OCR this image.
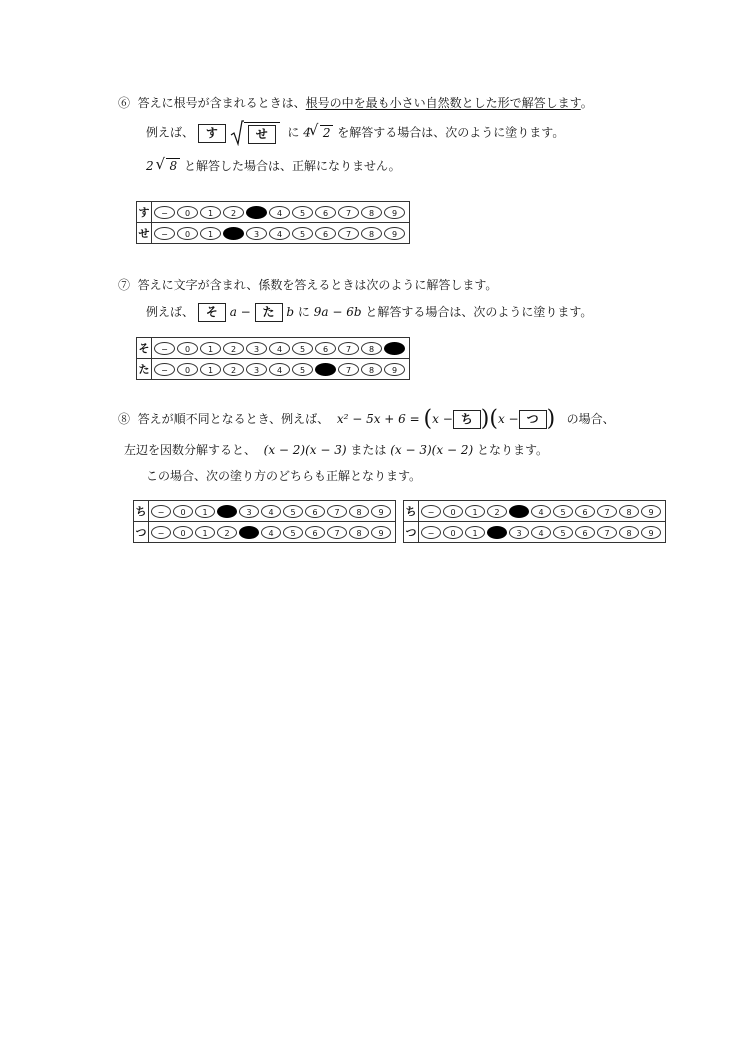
⑥ 答えに根号が含まれるときは、根号の中を最も小さい自然数とした形で解答します。
例えば、 す	せ に 4 √ 2 を解答する場合は、次のように塗ります。
2 √ 8 と解答した場合は、正解になりません。
す	− 0 1 2 3 4 5 6 7 8 9
せ	− 0 1 2 3 4 5 6 7 8 9
⑦ 答えに文字が含まれ、係数を答えるときは次のように解答します。
例えば、 そ a − た b に 9a − 6b と解答する場合は、次のように塗ります。
そ	− 0 1 2 3 4 5 6 7 8 9
た	− 0 1 2 3 4 5 6 7 8 9
⑧ 答えが順不同となるとき、例えば、 x² − 5x + 6 = (x − ち )(x − つ ) の場合、
左辺を因数分解すると、 (x − 2)(x − 3) または (x − 3)(x − 2) となります。
この場合、次の塗り方のどちらも正解となります。
ち	− 0 1 2 3 4 5 6 7 8 9
つ	− 0 1 2 3 4 5 6 7 8 9
ち	− 0 1 2 3 4 5 6 7 8 9
つ	− 0 1 2 3 4 5 6 7 8 9
